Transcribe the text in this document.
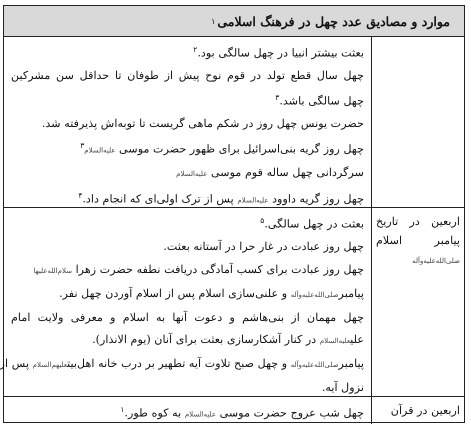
موارد و مصادیق عدد چهل در فرهنگ اسلامی
۱
بعثت بیشتر انبیا در چهل سالگی بود.$^۲$
چهل سال قطع تولد در قوم نوح پیش از طوفان تا حداقل سن مشرکین
چهل سالگی باشد.$^۳$
حضرت یونس چهل روز در شکم ماهی گریست تا توبه‌اش پذیرفته شد.
چهل روز گریه بنی‌اسرائیل برای ظهور حضرت موسی علیه‌السلام$^۳$
سرگردانی چهل ساله قوم موسی علیه‌السلام
چهل روز گریه داوود علیه‌السلام پس از ترک اولی‌ای که انجام داد.$^۴$
بعثت در چهل سالگی.$^۵$
چهل روز عبادت در غار حرا در آستانه بعثت.
چهل روز عبادت برای کسب آمادگی دریافت نطفه حضرت زهرا سلام‌الله‌علیها
پیامبرصلی‌الله‌علیه‌وآله و علنی‌سازی اسلام پس از اسلام آوردن چهل نفر.
چهل مهمان از بنی‌هاشم و دعوت آنها به اسلام و معرفی ولایت امام
علیعلیه‌السلام در کنار آشکارسازی بعثت برای آنان (یوم الانذار).
پیامبرصلی‌الله‌علیه‌وآله و چهل صبح تلاوت آیه تطهیر بر درب خانه اهل‌بیتعلیهم‌السلام پس از
نزول آیه.
اربعین در تاریخ پیامبر اسلام صلی‌الله‌علیه‌وآله
چهل شب عروج حضرت موسی علیه‌السلام به کوه طور.$^۱$	اربعین در قرآن
